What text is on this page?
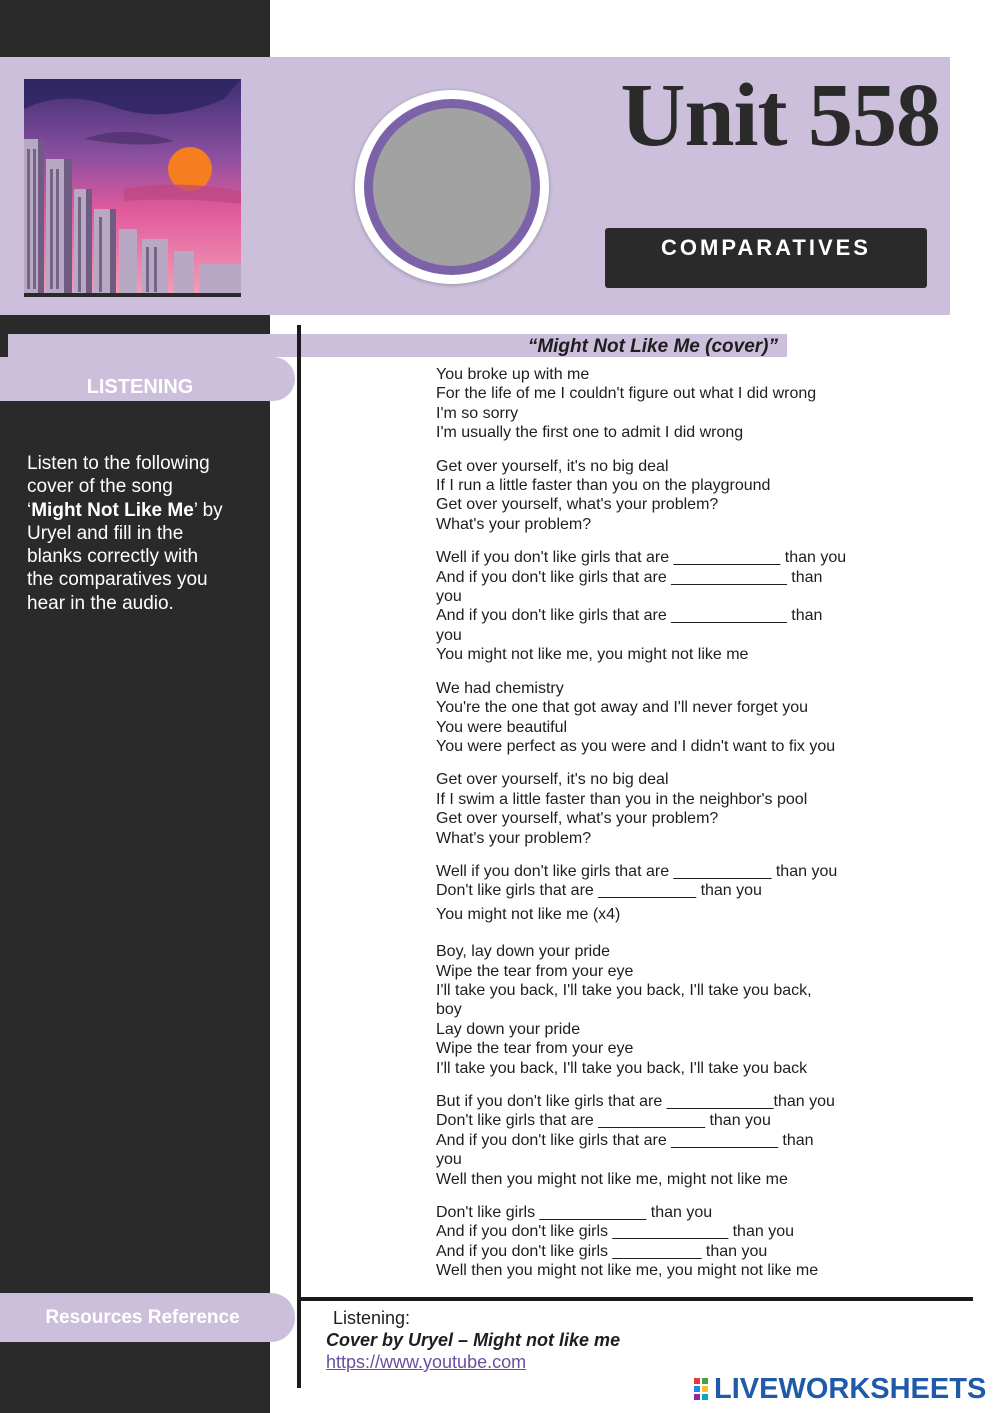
Unit 558
COMPARATIVES
“Might Not Like Me (cover)”
LISTENING
Listen to the following cover of the song ‘Might Not Like Me’ by Uryel and fill in the blanks correctly with the comparatives you hear in the audio.
You broke up with me
For the life of me I couldn't figure out what I did wrong
I'm so sorry
I'm usually the first one to admit I did wrong
Get over yourself, it's no big deal
If I run a little faster than you on the playground
Get over yourself, what's your problem?
What's your problem?
Well if you don't like girls that are ____________ than you
And if you don't like girls that are _____________ than
you
And if you don't like girls that are _____________ than
you
You might not like me, you might not like me
We had chemistry
You're the one that got away and I'll never forget you
You were beautiful
You were perfect as you were and I didn't want to fix you
Get over yourself, it's no big deal
If I swim a little faster than you in the neighbor's pool
Get over yourself, what's your problem?
What's your problem?
Well if you don't like girls that are ___________ than you
Don't like girls that are ___________ than you
You might not like me (x4)
Boy, lay down your pride
Wipe the tear from your eye
I'll take you back, I'll take you back, I'll take you back,
boy
Lay down your pride
Wipe the tear from your eye
I'll take you back, I'll take you back, I'll take you back
But if you don't like girls that are ____________than you
Don't like girls that are ____________ than you
And if you don't like girls that are ____________ than
you
Well then you might not like me, might not like me
Don't like girls ____________ than you
And if you don't like girls _____________ than you
And if you don't like girls __________ than you
Well then you might not like me, you might not like me
Resources Reference	Listening:
Cover by Uryel – Might not like me
https://www.youtube.com
LIVEWORKSHEETS
